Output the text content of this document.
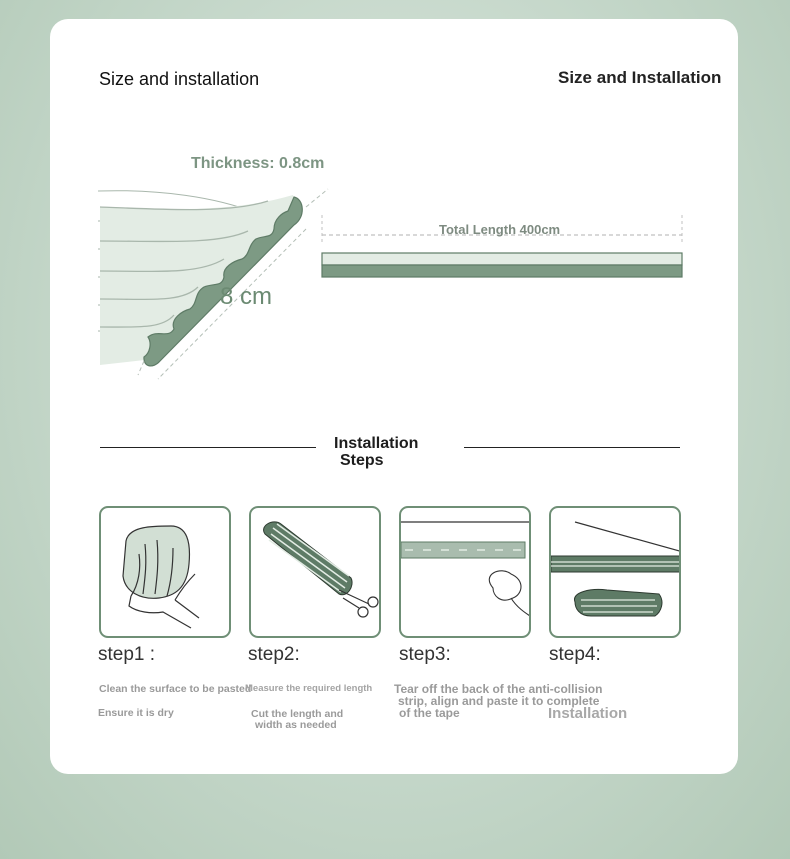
Size and installation	Size and Installation
Thickness: 0.8cm
8 cm
Total Length 400cm
Installation
Steps
step1 :	step2:	step3:	step4:
Clean the surface to be pasted
Ensure it is dry
Measure the required length
Cut the length and
width as needed
Tear off the back of the anti-collision
strip, align and paste it to complete
of the tape	Installation
